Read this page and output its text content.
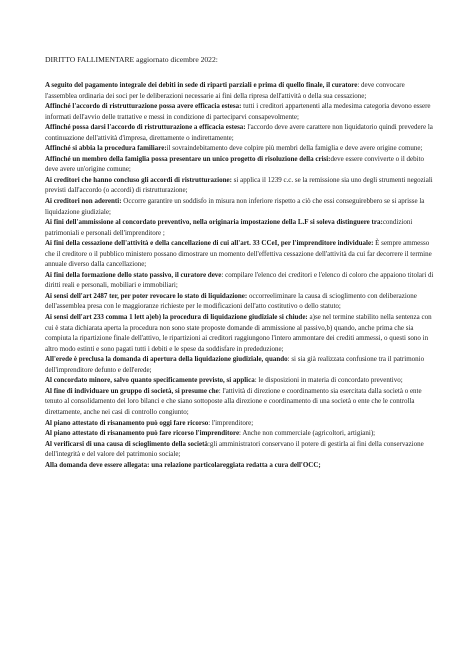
DIRITTO FALLIMENTARE aggiornato dicembre 2022:

A seguito del pagamento integrale dei debiti in sede di riparti parziali e prima di quello finale, il curatore: deve convocare l'assemblea ordinaria dei soci per le deliberazioni necessarie ai fini della ripresa dell'attività o della sua cessazione;

Affinché l'accordo di ristrutturazione possa avere efficacia estesa: tutti i creditori appartenenti alla medesima categoria devono essere informati dell'avvio delle trattative e messi in condizione di parteciparvi consapevolmente;

Affinché possa darsi l'accordo di ristrutturazione a efficacia estesa: l'accordo deve avere carattere non liquidatorio quindi prevedere la continuazione dell'attività d'impresa, direttamente o indirettamente;

Affinché si abbia la procedura familiare:il sovraindebitamento deve colpire più membri della famiglia e deve avere origine comune;

Affinché un membro della famiglia possa presentare un unico progetto di risoluzione della crisi:deve essere conviverte o il debito deve avere un'origine comune;

Ai creditori che hanno concluso gli accordi di ristrutturazione: si applica il 1239 c.c. se la remissione sia uno degli strumenti negoziali previsti dall'accordo (o accordi) di ristrutturazione;

Ai creditori non aderenti: Occorre garantire un soddisfo in misura non inferiore rispetto a ciò che essi conseguirebbero se si aprisse la liquidazione giudiziale;

Ai fini dell'ammissione al concordato preventivo, nella originaria impostazione della L.F si soleva distinguere tra:condizioni patrimoniali e personali dell'imprenditore ;

Ai fini della cessazione dell'attività e della cancellazione di cui all'art. 33 CCeI, per l'imprenditore individuale: È sempre ammesso che il creditore o il pubblico ministero possano dimostrare un momento dell'effettiva cessazione dell'attività da cui far decorrere il termine annuale diverso dalla cancellazione;

Ai fini della formazione dello stato passivo, il curatore deve: compilare l'elenco dei creditori e l'elenco di coloro che appaiono titolari di diritti reali e personali, mobiliari e immobiliari;

Ai sensi dell'art 2487 ter, per poter revocare lo stato di liquidazione: occorreeliminare la causa di scioglimento con deliberazione dell'assemblea presa con le maggioranze richieste per le modificazioni dell'atto costitutivo o dello statuto;

Ai sensi dell'art 233 comma 1 lett a)eb) la procedura di liquidazione giudiziale si chiude: a)se nel termine stabilito nella sentenza con cui è stata dichiarata aperta la procedura non sono state proposte domande di ammissione al passivo,b) quando, anche prima che sia compiuta la ripartizione finale dell'attivo, le ripartizioni ai creditori raggiungono l'intero ammontare dei crediti ammessi, o questi sono in altro modo estinti e sono pagati tutti i debiti e le spese da soddisfare in prededuzione;

All'erede è preclusa la domanda di apertura della liquidazione giudiziale, quando: si sia già realizzata confusione tra il patrimonio dell'imprenditore defunto e dell'erede;

Al concordato minore, salvo quanto specificamente previsto, si applica: le disposizioni in materia di concordato preventivo;

Al fine di individuare un gruppo di società, si presume che: l'attività di direzione e coordinamento sia esercitata dalla società o ente tenuto al consolidamento dei loro bilanci e che siano sottoposte alla direzione e coordinamento di una società o ente che le controlla direttamente, anche nei casi di controllo congiunto;

Al piano attestato di risanamento può oggi fare ricorso: l'imprenditore;

Al piano attestato di risanamento può fare ricorso l'imprenditore: Anche non commerciale (agricoltori, artigiani);

Al verificarsi di una causa di scioglimento della società:gli amministratori conservano il potere di gestirla ai fini della conservazione dell'integrità e del valore del patrimonio sociale;

Alla domanda deve essere allegata: una relazione particolareggiata redatta a cura dell'OCC;
